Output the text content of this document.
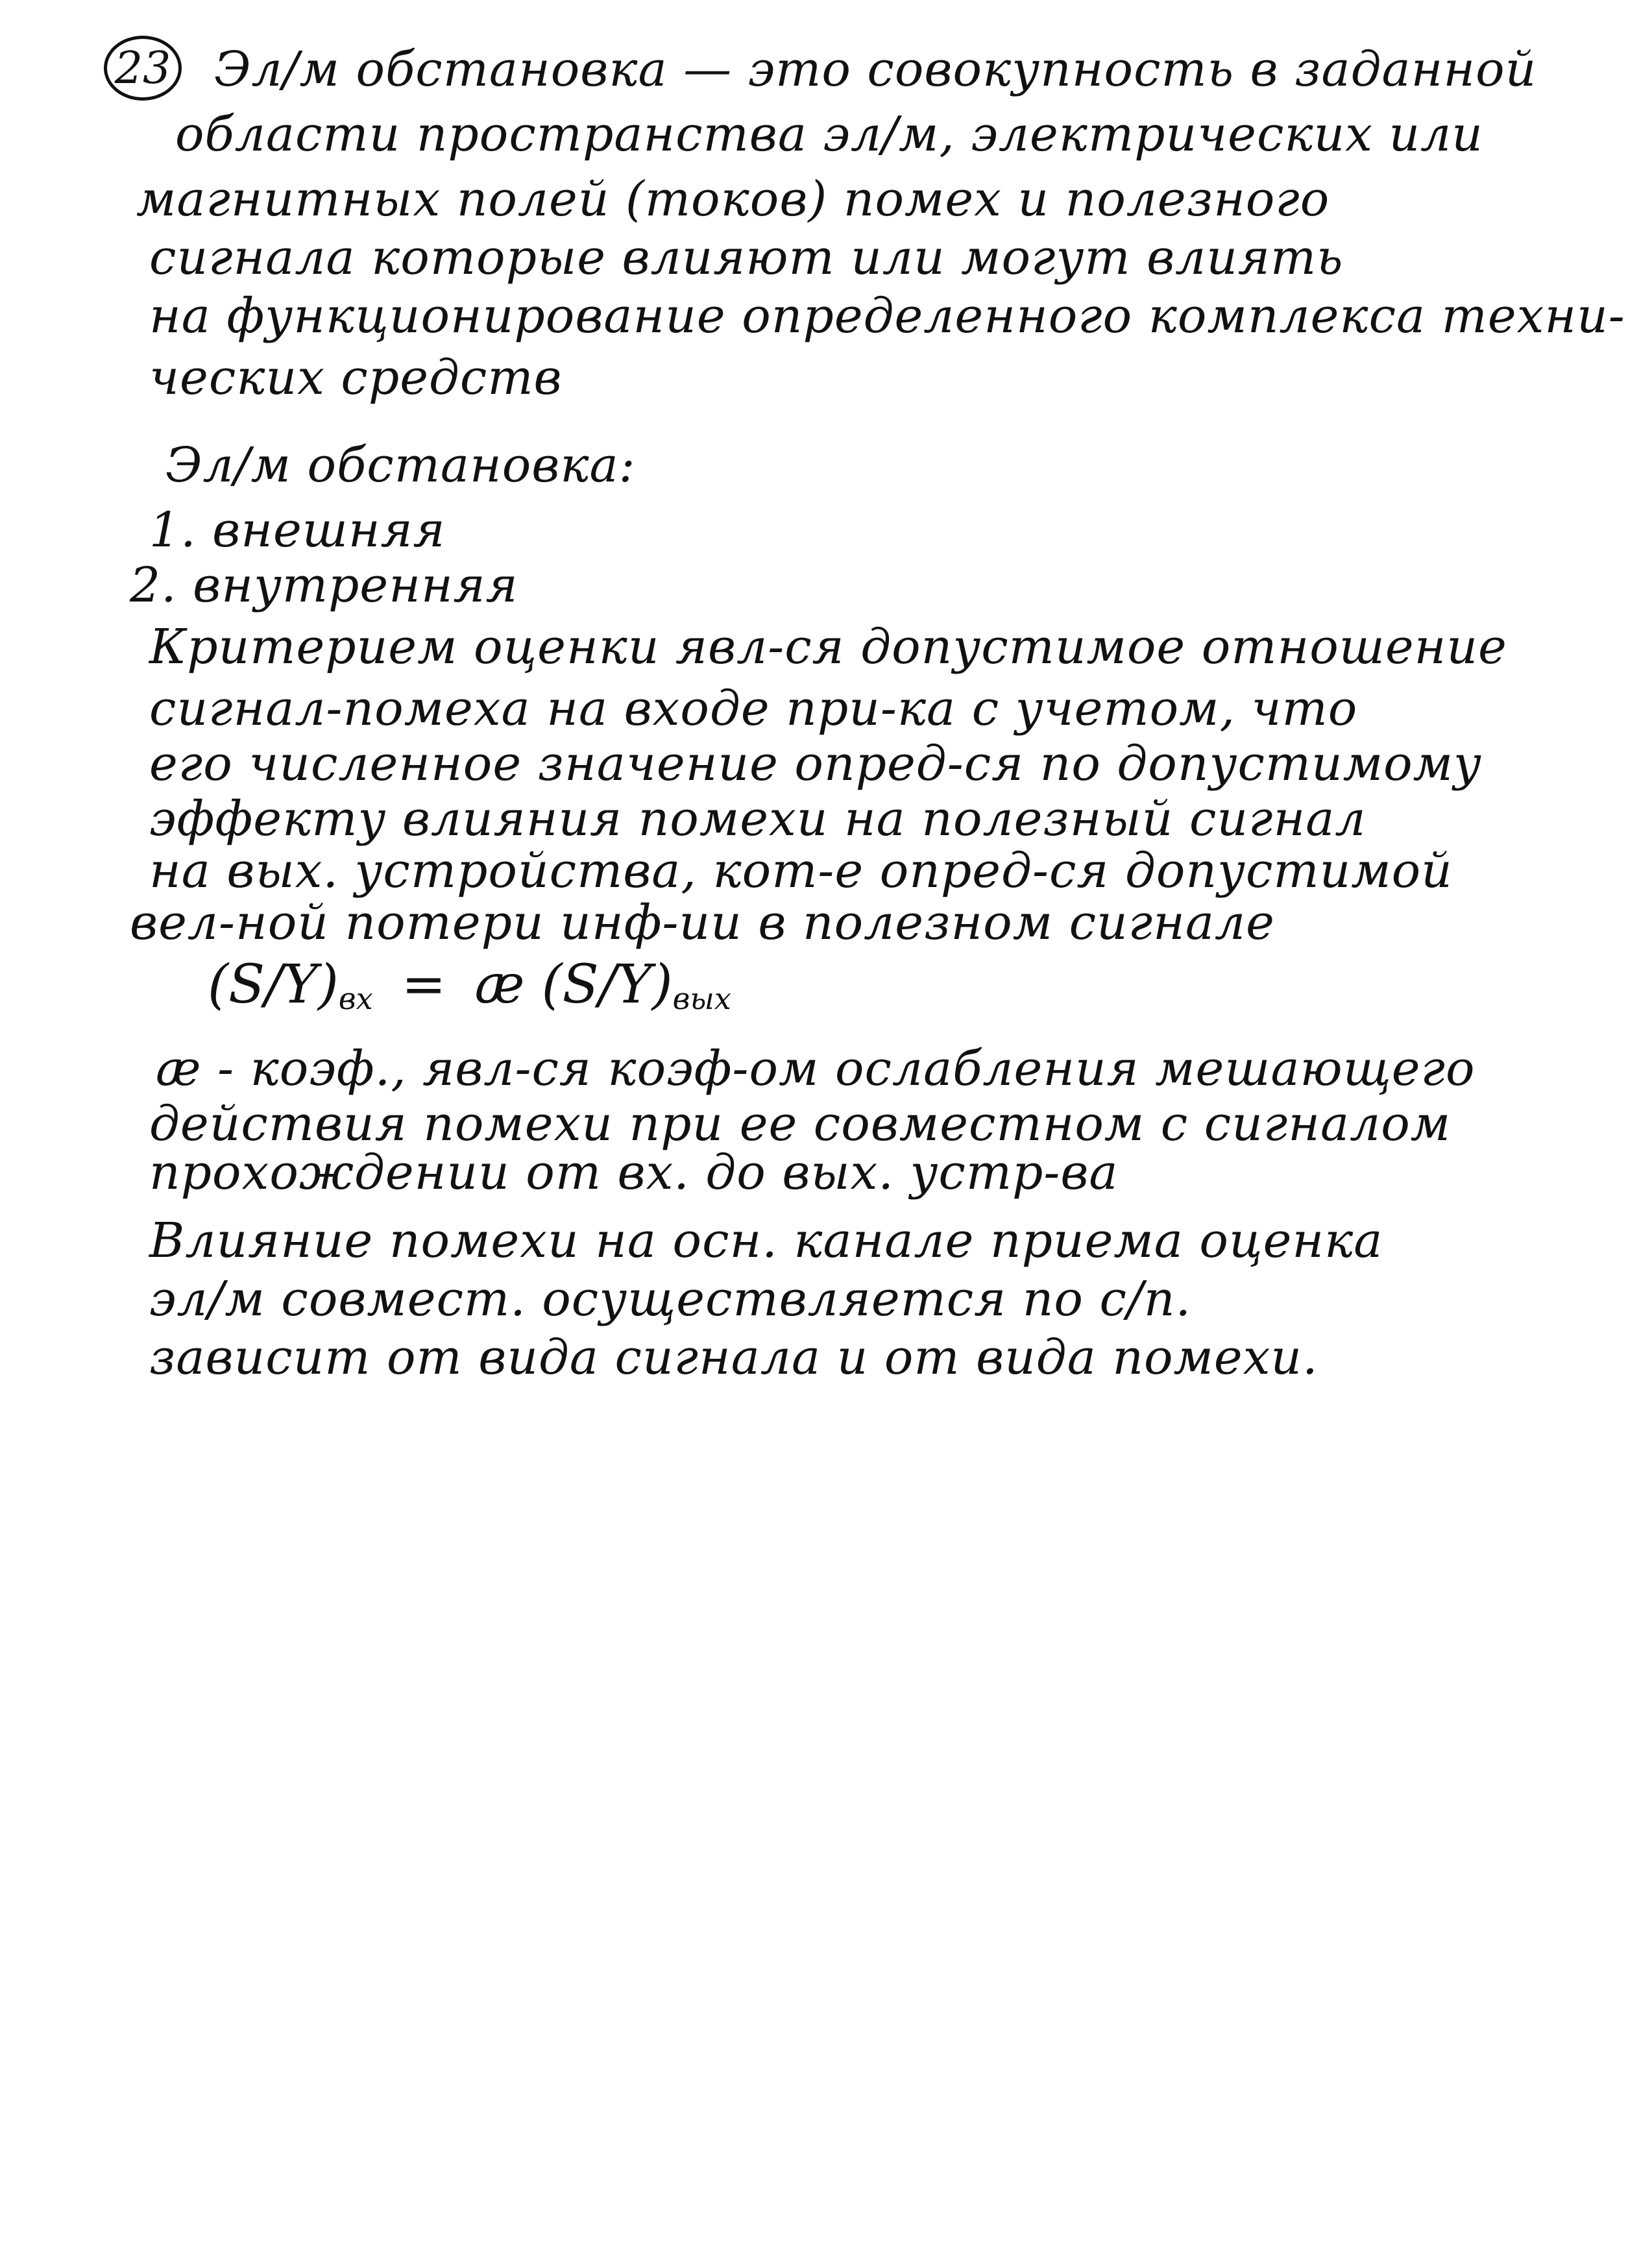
23 Эл/м обстановка — это совокупность в заданной
области пространства эл/м, электрических или
магнитных полей (токов) помех и полезного
сигнала которые влияют или могут влиять
на функционирование определенного комплекса техни-
ческих средств
Эл/м обстановка:
1. внешняя
2. внутренняя
Критерием оценки явл-ся допустимое отношение
сигнал-помеха на входе при-ка с учетом, что
его численное значение опред-ся по допустимому
эффекту влияния помехи на полезный сигнал
на вых. устройства, кот-е опред-ся допустимой
вел-ной потери инф-ии в полезном сигнале
$(S/Y)_{вх}$ = æ $(S/Y)_{вых}$
æ - коэф., явл-ся коэф-ом ослабления мешающего
действия помехи при ее совместном с сигналом
прохождении от вх. до вых. устр-ва
Влияние помехи на осн. канале приема оценка
эл/м совмест. осуществляется по с/п.
зависит от вида сигнала и от вида помехи.
